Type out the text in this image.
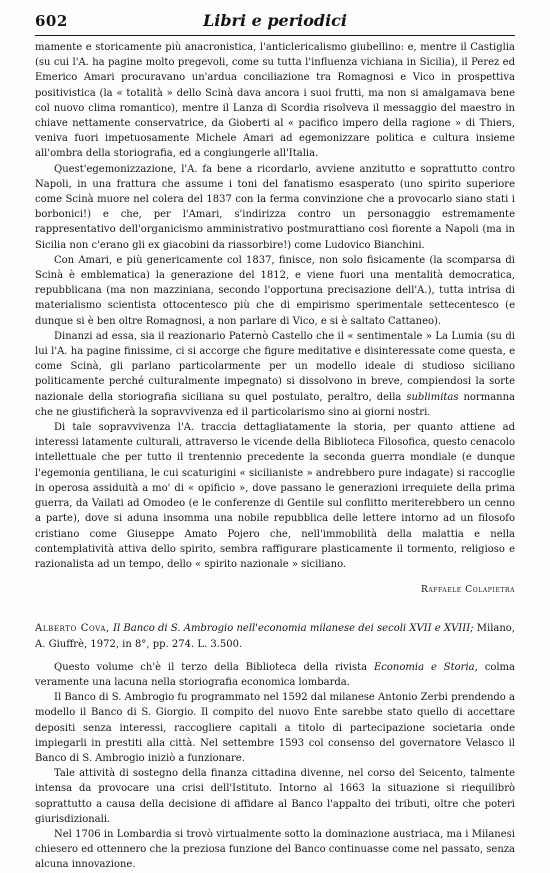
602	Libri e periodici

mamente e storicamente più anacronistica, l'anticlericalismo giubellino: e, mentre il Castiglia (su cui l'A. ha pagine molto pregevoli, come su tutta l'influenza vichiana in Sicilia), il Perez ed Emerico Amari procuravano un'ardua conciliazione tra Romagnosi e Vico in prospettiva positivistica (la « totalità » dello Scinà dava ancora i suoi frutti, ma non si amalgamava bene col nuovo clima romantico), mentre il Lanza di Scordia risolveva il messaggio del maestro in chiave nettamente conservatrice, da Gioberti al « pacifico impero della ragione » di Thiers, veniva fuori impetuosamente Michele Amari ad egemonizzare politica e cultura insieme all'ombra della storiografia, ed a congiungerle all'Italia.

Quest'egemonizzazione, l'A. fa bene a ricordarlo, avviene anzitutto e soprattutto contro Napoli, in una frattura che assume i toni del fanatismo esasperato (uno spirito superiore come Scinà muore nel colera del 1837 con la ferma convinzione che a provocarlo siano stati i borbonici!) e che, per l'Amari, s'indirizza contro un personaggio estremamente rappresentativo dell'organicismo amministrativo postmurattiano così fiorente a Napoli (ma in Sicilia non c'erano gli ex giacobini da riassorbire!) come Ludovico Bianchini.

Con Amari, e più genericamente col 1837, finisce, non solo fisicamente (la scomparsa di Scinà è emblematica) la generazione del 1812, e viene fuori una mentalità democratica, repubblicana (ma non mazziniana, secondo l'opportuna precisazione dell'A.), tutta intrisa di materialismo scientista ottocentesco più che di empirismo sperimentale settecentesco (e dunque si è ben oltre Romagnosi, a non parlare di Vico, e si è saltato Cattaneo).

Dinanzi ad essa, sia il reazionario Paternò Castello che il « sentimentale » La Lumia (su di lui l'A. ha pagine finissime, ci si accorge che figure meditative e disinteressate come questa, e come Scinà, gli parlano particolarmente per un modello ideale di studioso siciliano politicamente perché culturalmente impegnato) si dissolvono in breve, compiendosi la sorte nazionale della storiografia siciliana su quel postulato, peraltro, della sublimitas normanna che ne giustificherà la sopravvivenza ed il particolarismo sino ai giorni nostri.

Di tale sopravvivenza l'A. traccia dettagliatamente la storia, per quanto attiene ad interessi latamente culturali, attraverso le vicende della Biblioteca Filosofica, questo cenacolo intellettuale che per tutto il trentennio precedente la seconda guerra mondiale (e dunque l'egemonia gentiliana, le cui scaturigini « sicilianiste » andrebbero pure indagate) si raccoglie in operosa assiduità a mo' di « opificio », dove passano le generazioni irrequiete della prima guerra, da Vailati ad Omodeo (e le conferenze di Gentile sul conflitto meriterebbero un cenno a parte), dove si aduna insomma una nobile repubblica delle lettere intorno ad un filosofo cristiano come Giuseppe Amato Pojero che, nell'immobilità della malattia e nella contemplatività attiva dello spirito, sembra raffigurare plasticamente il tormento, religioso e razionalista ad un tempo, dello « spirito nazionale » siciliano.

Raffaele Colapietra

Alberto Cova, Il Banco di S. Ambrogio nell'economia milanese dei secoli XVII e XVIII; Milano, A. Giuffrè, 1972, in 8°, pp. 274. L. 3.500.

Questo volume ch'è il terzo della Biblioteca della rivista Economia e Storia, colma veramente una lacuna nella storiografia economica lombarda.

Il Banco di S. Ambrogio fu programmato nel 1592 dal milanese Antonio Zerbi prendendo a modello il Banco di S. Giorgio. Il compito del nuovo Ente sarebbe stato quello di accettare depositi senza interessi, raccogliere capitali a titolo di partecipazione societaria onde impiegarli in prestiti alla città. Nel settembre 1593 col consenso del governatore Velasco il Banco di S. Ambrogio iniziò a funzionare.

Tale attività di sostegno della finanza cittadina divenne, nel corso del Seicento, talmente intensa da provocare una crisi dell'Istituto. Intorno al 1663 la situazione si riequilibrò soprattutto a causa della decisione di affidare al Banco l'appalto dei tributi, oltre che poteri giurisdizionali.

Nel 1706 in Lombardia si trovò virtualmente sotto la dominazione austriaca, ma i Milanesi chiesero ed ottennero che la preziosa funzione del Banco continuasse come nel passato, senza alcuna innovazione.
